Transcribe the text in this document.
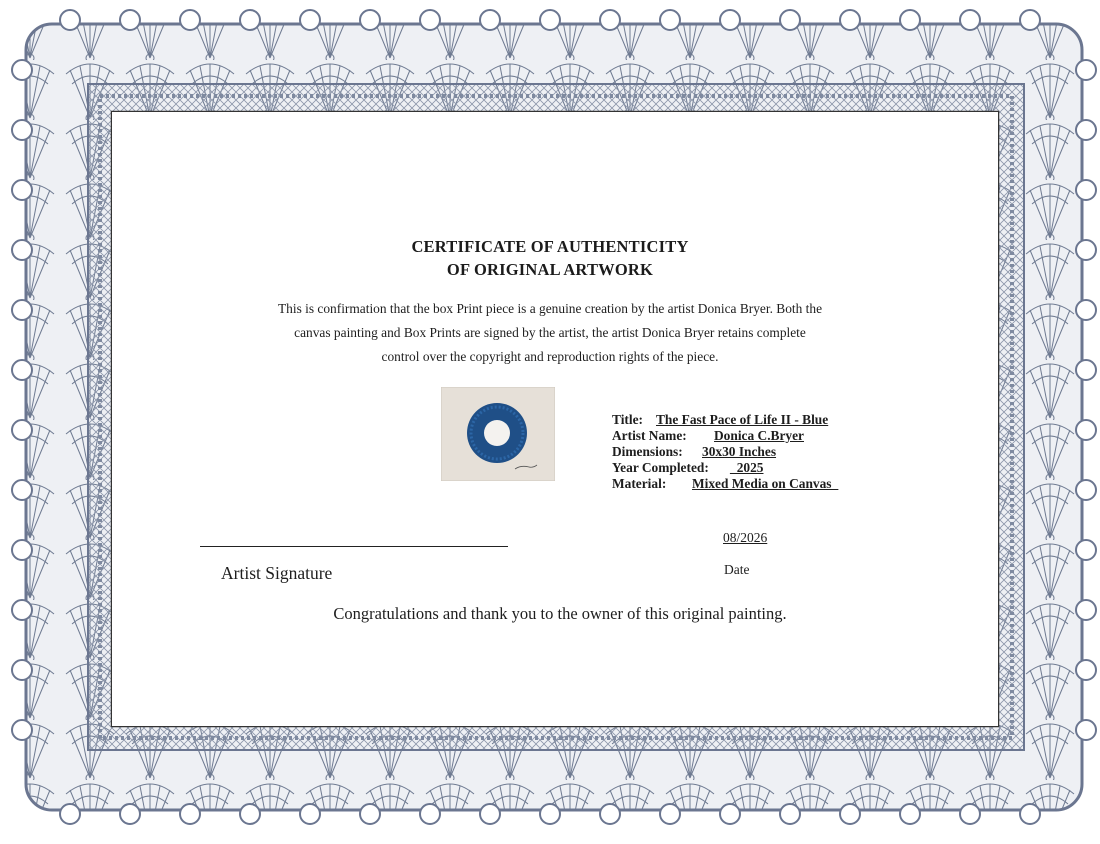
CERTIFICATE OF AUTHENTICITY
OF ORIGINAL ARTWORK
This is confirmation that the box Print piece is a genuine creation by the artist Donica Bryer. Both the
canvas painting and Box Prints are signed by the artist, the artist Donica Bryer retains complete
control over the copyright and reproduction rights of the piece.
Title: The Fast Pace of Life II - Blue
Artist Name:	Donica C.Bryer
Dimensions:	30x30 Inches
Year Completed:	_2025
Material:	Mixed Media on Canvas_
Artist Signature
08/2026
Date
Congratulations and thank you to the owner of this original painting.
